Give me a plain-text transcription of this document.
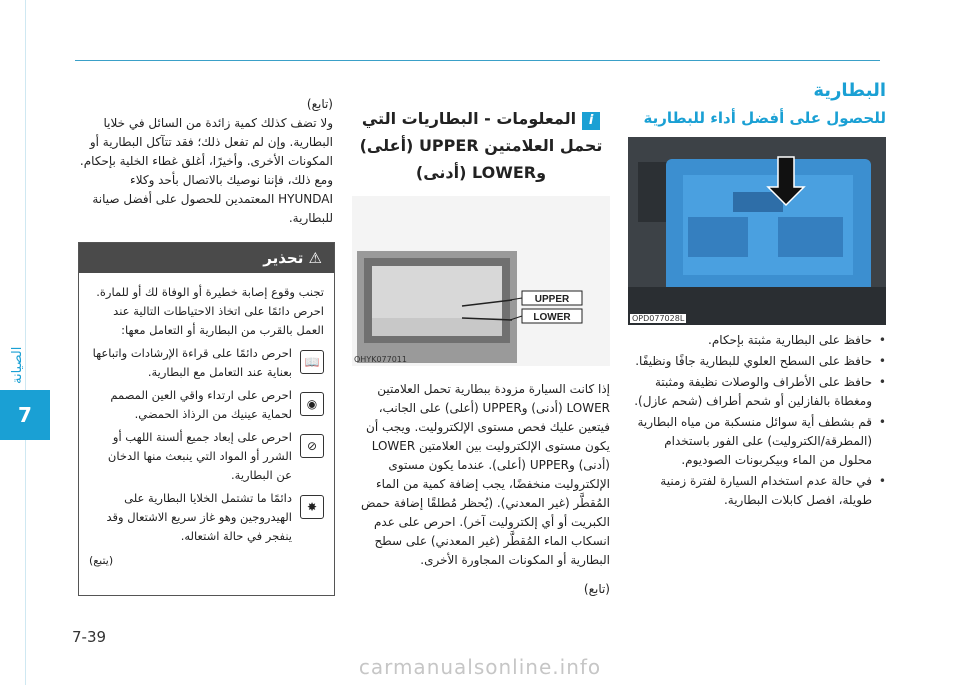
الصيانة
7
البطارية
للحصول على أفضل أداء للبطارية
OPD077028L
• حافظ على البطارية مثبتة بإحكام.
• حافظ على السطح العلوي للبطارية جافًا ونظيفًا.
• حافظ على الأطراف والوصلات نظيفة ومثبتة ومغطاة بالفازلين أو شحم أطراف (شحم عازل).
• قم بشطف أية سوائل منسكبة من مياه البطارية (المطرقة/الكتروليت) على الفور باستخدام محلول من الماء وبيكربونات الصوديوم.
• في حالة عدم استخدام السيارة لفترة زمنية طويلة، افصل كابلات البطارية.
iالمعلومات - البطاريات التي تحمل العلامتين UPPER (أعلى) وLOWER (أدنى)
UPPER
LOWER
OHYK077011
إذا كانت السيارة مزودة ببطارية تحمل العلامتين LOWER (أدنى) وUPPER (أعلى) على الجانب، فيتعين عليك فحص مستوى الإلكتروليت. ويجب أن يكون مستوى الإلكتروليت بين العلامتين LOWER (أدنى) وUPPER (أعلى). عندما يكون مستوى الإلكتروليت منخفضًا، يجب إضافة كمية من الماء المُقطَّر (غير المعدني). (يُحظر مُطلقًا إضافة حمض الكبريت أو أي إلكتروليت آخر). احرص على عدم انسكاب الماء المُقطَّر (غير المعدني) على سطح البطارية أو المكونات المجاورة الأخرى.
(تابع)
(تابع)
ولا تضف كذلك كمية زائدة من السائل في خلايا البطارية. وإن لم تفعل ذلك؛ فقد تتآكل البطارية أو المكونات الأخرى. وأخيرًا، أغلق غطاء الخلية بإحكام. ومع ذلك، فإننا نوصيك بالاتصال بأحد وكلاء HYUNDAI المعتمدين للحصول على أفضل صيانة للبطارية.
⚠ تحذير
تجنب وقوع إصابة خطيرة أو الوفاة لك أو للمارة. احرص دائمًا على اتخاذ الاحتياطات التالية عند العمل بالقرب من البطارية أو التعامل معها:
📖
احرص دائمًا على قراءة الإرشادات واتباعها بعناية عند التعامل مع البطارية.
◉
احرص على ارتداء واقي العين المصمم لحماية عينيك من الرذاذ الحمضي.
⊘
احرص على إبعاد جميع ألسنة اللهب أو الشرر أو المواد التي ينبعث منها الدخان عن البطارية.
✸
دائمًا ما تشتمل الخلايا البطارية على الهيدروجين وهو غاز سريع الاشتعال وقد ينفجر في حالة اشتعاله.
(يتبع)
7-39
carmanualsonline.info
